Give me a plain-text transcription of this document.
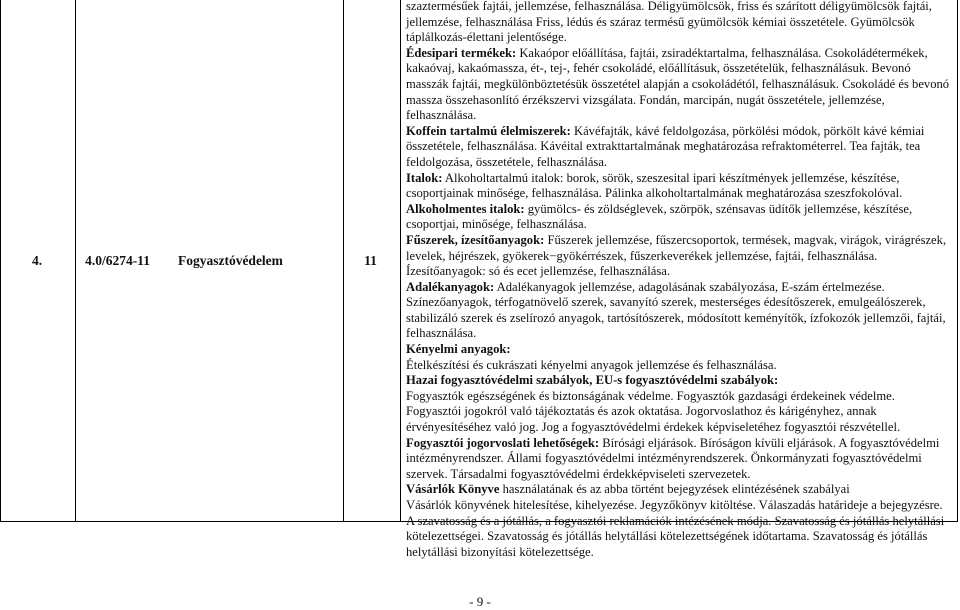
4.	4.0/6274-11 Fogyasztóvédelem	11

szaztermésűek fajtái, jellemzése, felhasználása. Déligyümölcsök, friss és szárított déligyümölcsök fajtái, jellemzése, felhasználása Friss, lédús és száraz termésű gyümölcsök kémiai összetétele. Gyümölcsök táplálkozás-élettani jelentősége.

Édesipari termékek: Kakaópor előállítása, fajtái, zsiradéktartalma, felhasználása. Csokoládétermékek, kakaóvaj, kakaómassza, ét-, tej-, fehér csokoládé, előállításuk, összetételük, felhasználásuk. Bevonó masszák fajtái, megkülönböztetésük összetétel alapján a csokoládétól, felhasználásuk. Csokoládé és bevonó massza összehasonlító érzékszervi vizsgálata. Fondán, marcipán, nugát összetétele, jellemzése, felhasználása.

Koffein tartalmú élelmiszerek: Kávéfajták, kávé feldolgozása, pörkölési módok, pörkölt kávé kémiai összetétele, felhasználása. Kávéital extrakttartalmának meghatározása refraktométerrel. Tea fajták, tea feldolgozása, összetétele, felhasználása.

Italok: Alkoholtartalmú italok: borok, sörök, szeszesital ipari készítmények jellemzése, készítése, csoportjainak minősége, felhasználása. Pálinka alkoholtartalmának meghatározása szeszfokolóval.

Alkoholmentes italok: gyümölcs- és zöldséglevek, szörpök, szénsavas üdítők jellemzése, készítése, csoportjai, minősége, felhasználása.

Fűszerek, ízesítőanyagok: Fűszerek jellemzése, fűszercsoportok, termések, magvak, virágok, virágrészek, levelek, héjrészek, gyökerek−gyökérrészek, fűszerkeverékek jellemzése, fajtái, felhasználása.

Ízesítőanyagok: só és ecet jellemzése, felhasználása.

Adalékanyagok: Adalékanyagok jellemzése, adagolásának szabályozása, E-szám értelmezése. Színezőanyagok, térfogatnövelő szerek, savanyító szerek, mesterséges édesítőszerek, emulgeálószerek, stabilizáló szerek és zselírozó anyagok, tartósítószerek, módosított keményítők, ízfokozók jellemzői, fajtái, felhasználása.

Kényelmi anyagok:

Ételkészítési és cukrászati kényelmi anyagok jellemzése és felhasználása.

Hazai fogyasztóvédelmi szabályok, EU-s fogyasztóvédelmi szabályok:

Fogyasztók egészségének és biztonságának védelme. Fogyasztók gazdasági érdekeinek védelme. Fogyasztói jogokról való tájékoztatás és azok oktatása. Jogorvoslathoz és kárigényhez, annak érvényesítéséhez való jog. Jog a fogyasztóvédelmi érdekek képviseletéhez fogyasztói részvétellel.

Fogyasztói jogorvoslati lehetőségek: Bírósági eljárások. Bíróságon kívüli eljárások. A fogyasztóvédelmi intézményrendszer. Állami fogyasztóvédelmi intézményrendszerek. Önkormányzati fogyasztóvédelmi szervek. Társadalmi fogyasztóvédelmi érdekképviseleti szervezetek.

Vásárlók Könyve használatának és az abba történt bejegyzések elintézésének szabályai

Vásárlók könyvének hitelesítése, kihelyezése. Jegyzőkönyv kitöltése. Válaszadás határideje a bejegyzésre.

A szavatosság és a jótállás, a fogyasztói reklamációk intézésének módja. Szavatosság és jótállás helytállási kötelezettségei. Szavatosság és jótállás helytállási kötelezettségének időtartama. Szavatosság és jótállás helytállási bizonyítási kötelezettsége.

- 9 -
